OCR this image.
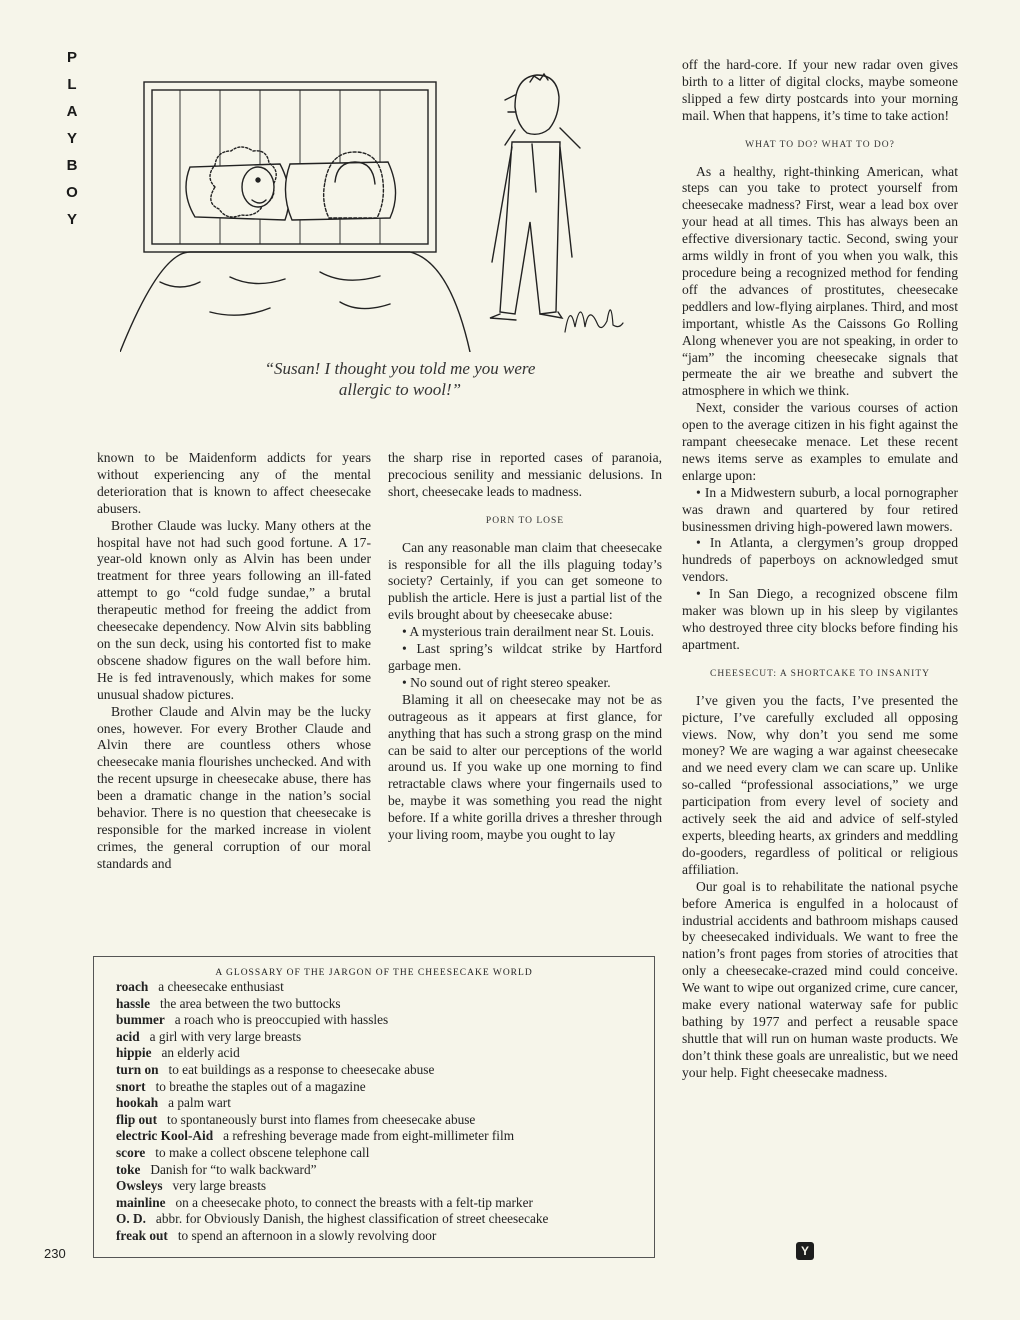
P
L
A
Y
B
O
Y
Mal
“Susan! I thought you told me you were
allergic to wool!”

known to be Maidenform addicts for years without experiencing any of the mental deterioration that is known to affect cheesecake abusers.

Brother Claude was lucky. Many others at the hospital have not had such good fortune. A 17-year-old known only as Alvin has been under treatment for three years following an ill-fated attempt to go “cold fudge sundae,” a brutal therapeutic method for freeing the addict from cheesecake dependency. Now Alvin sits babbling on the sun deck, using his contorted fist to make obscene shadow figures on the wall before him. He is fed intravenously, which makes for some unusual shadow pictures.

Brother Claude and Alvin may be the lucky ones, however. For every Brother Claude and Alvin there are countless others whose cheesecake mania flourishes unchecked. And with the recent upsurge in cheesecake abuse, there has been a dramatic change in the nation’s social behavior. There is no question that cheesecake is responsible for the marked increase in violent crimes, the general corruption of our moral standards and

the sharp rise in reported cases of paranoia, precocious senility and messianic delusions. In short, cheesecake leads to madness.

PORN TO LOSE

Can any reasonable man claim that cheesecake is responsible for all the ills plaguing today’s society? Certainly, if you can get someone to publish the article. Here is just a partial list of the evils brought about by cheesecake abuse:

• A mysterious train derailment near St. Louis.

• Last spring’s wildcat strike by Hartford garbage men.

• No sound out of right stereo speaker.

Blaming it all on cheesecake may not be as outrageous as it appears at first glance, for anything that has such a strong grasp on the mind can be said to alter our perceptions of the world around us. If you wake up one morning to find retractable claws where your fingernails used to be, maybe it was something you read the night before. If a white gorilla drives a thresher through your living room, maybe you ought to lay

off the hard-core. If your new radar oven gives birth to a litter of digital clocks, maybe someone slipped a few dirty postcards into your morning mail. When that happens, it’s time to take action!

WHAT TO DO? WHAT TO DO?

As a healthy, right-thinking American, what steps can you take to protect yourself from cheesecake madness? First, wear a lead box over your head at all times. This has always been an effective diversionary tactic. Second, swing your arms wildly in front of you when you walk, this procedure being a recognized method for fending off the advances of prostitutes, cheesecake peddlers and low-flying airplanes. Third, and most important, whistle As the Caissons Go Rolling Along whenever you are not speaking, in order to “jam” the incoming cheesecake signals that permeate the air we breathe and subvert the atmosphere in which we think.

Next, consider the various courses of action open to the average citizen in his fight against the rampant cheesecake menace. Let these recent news items serve as examples to emulate and enlarge upon:

• In a Midwestern suburb, a local pornographer was drawn and quartered by four retired businessmen driving high-powered lawn mowers.

• In Atlanta, a clergymen’s group dropped hundreds of paperboys on acknowledged smut vendors.

• In San Diego, a recognized obscene film maker was blown up in his sleep by vigilantes who destroyed three city blocks before finding his apartment.

CHEESECUT: A SHORTCAKE TO INSANITY

I’ve given you the facts, I’ve presented the picture, I’ve carefully excluded all opposing views. Now, why don’t you send me some money? We are waging a war against cheesecake and we need every clam we can scare up. Unlike so-called “professional associations,” we urge participation from every level of society and actively seek the aid and advice of self-styled experts, bleeding hearts, ax grinders and meddling do-gooders, regardless of political or religious affiliation.

Our goal is to rehabilitate the national psyche before America is engulfed in a holocaust of industrial accidents and bathroom mishaps caused by cheesecaked individuals. We want to free the nation’s front pages from stories of atrocities that only a cheesecake-crazed mind could conceive. We want to wipe out organized crime, cure cancer, make every national waterway safe for public bathing by 1977 and perfect a reusable space shuttle that will run on human waste products. We don’t think these goals are unrealistic, but we need your help. Fight cheesecake madness.

A GLOSSARY OF THE JARGON OF THE CHEESECAKE WORLD
roach a cheesecake enthusiast
hassle the area between the two buttocks
bummer a roach who is preoccupied with hassles
acid a girl with very large breasts
hippie an elderly acid
turn on to eat buildings as a response to cheesecake abuse
snort to breathe the staples out of a magazine
hookah a palm wart
flip out to spontaneously burst into flames from cheesecake abuse
electric Kool-Aid a refreshing beverage made from eight-millimeter film
score to make a collect obscene telephone call
toke Danish for “to walk backward”
Owsleys very large breasts
mainline on a cheesecake photo, to connect the breasts with a felt-tip marker
O. D. abbr. for Obviously Danish, the highest classification of street cheesecake
freak out to spend an afternoon in a slowly revolving door
230	Y
